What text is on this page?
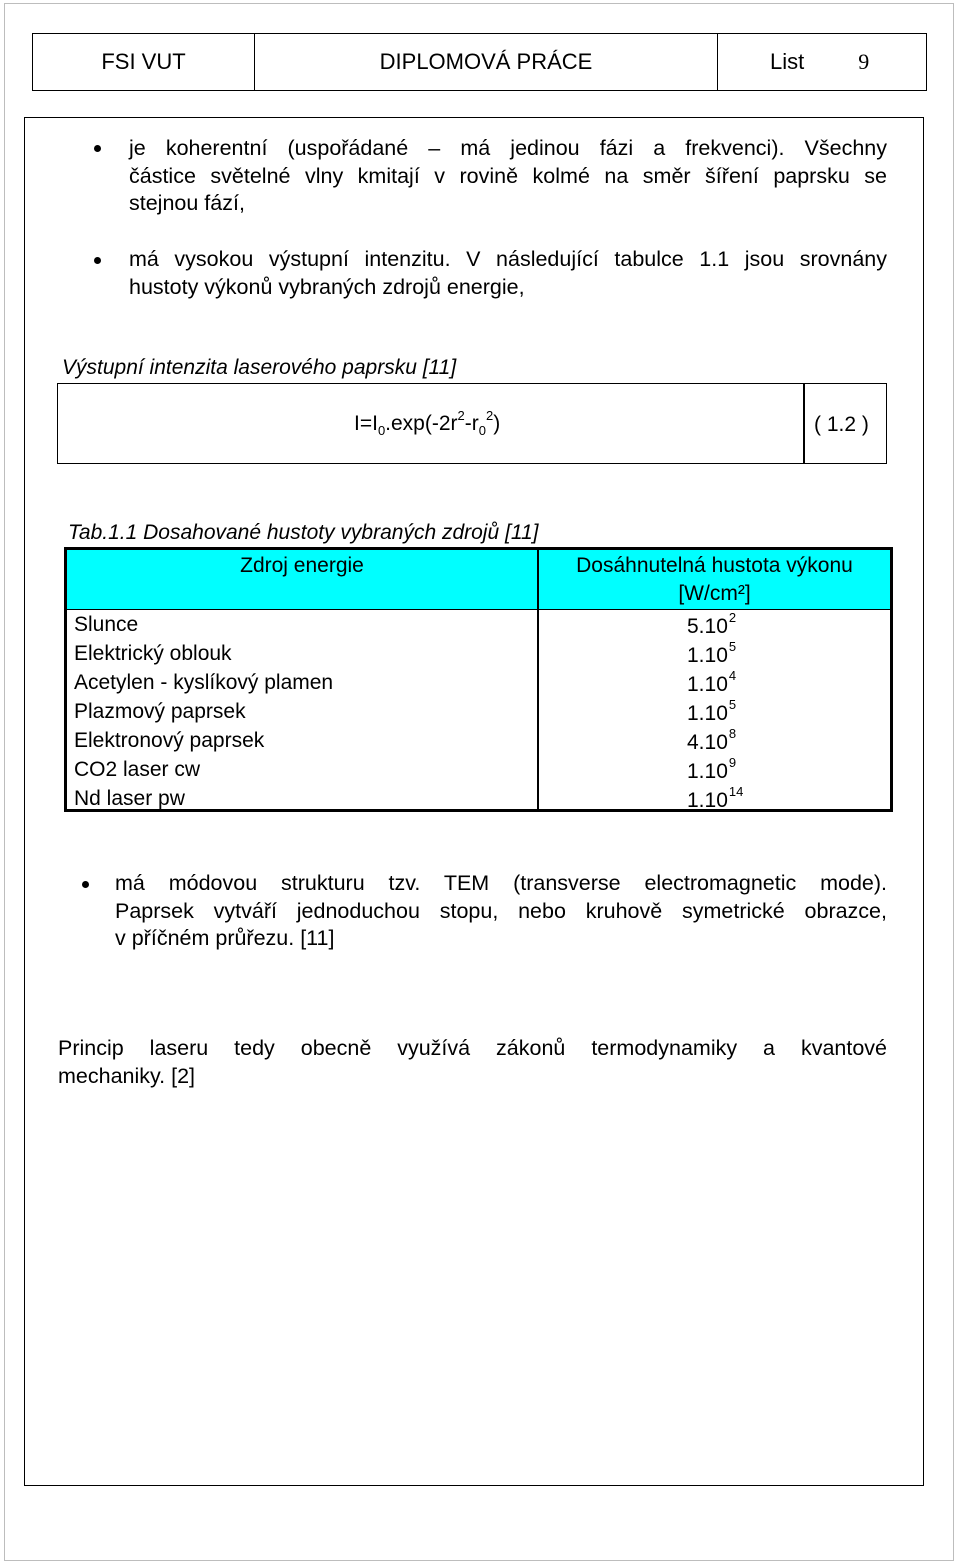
FSI VUT	DIPLOMOVÁ PRÁCE	List 9
je koherentní (uspořádané – má jedinou fázi a frekvenci). Všechny
částice světelné vlny kmitají v rovině kolmé na směr šíření paprsku se
stejnou fází,
má vysokou výstupní intenzitu. V následující tabulce 1.1 jsou srovnány
hustoty výkonů vybraných zdrojů energie,
Výstupní intenzita laserového paprsku [11]
$I=I_0.\exp(-2r^2-r_0^2)$	( 1.2 )
Tab.1.1 Dosahované hustoty vybraných zdrojů [11]
Zdroj energie	Dosáhnutelná hustota výkonu
[W/cm²]
Slunce	5.10$^2$
Elektrický oblouk	1.10$^5$
Acetylen - kyslíkový plamen	1.10$^4$
Plazmový paprsek	1.10$^5$
Elektronový paprsek	4.10$^8$
CO2 laser cw	1.10$^9$
Nd laser pw	1.10$^{14}$
má módovou strukturu tzv. TEM (transverse electromagnetic mode).
Paprsek vytváří jednoduchou stopu, nebo kruhově symetrické obrazce,
v příčném průřezu. [11]
Princip laseru tedy obecně využívá zákonů termodynamiky a kvantové
mechaniky. [2]
